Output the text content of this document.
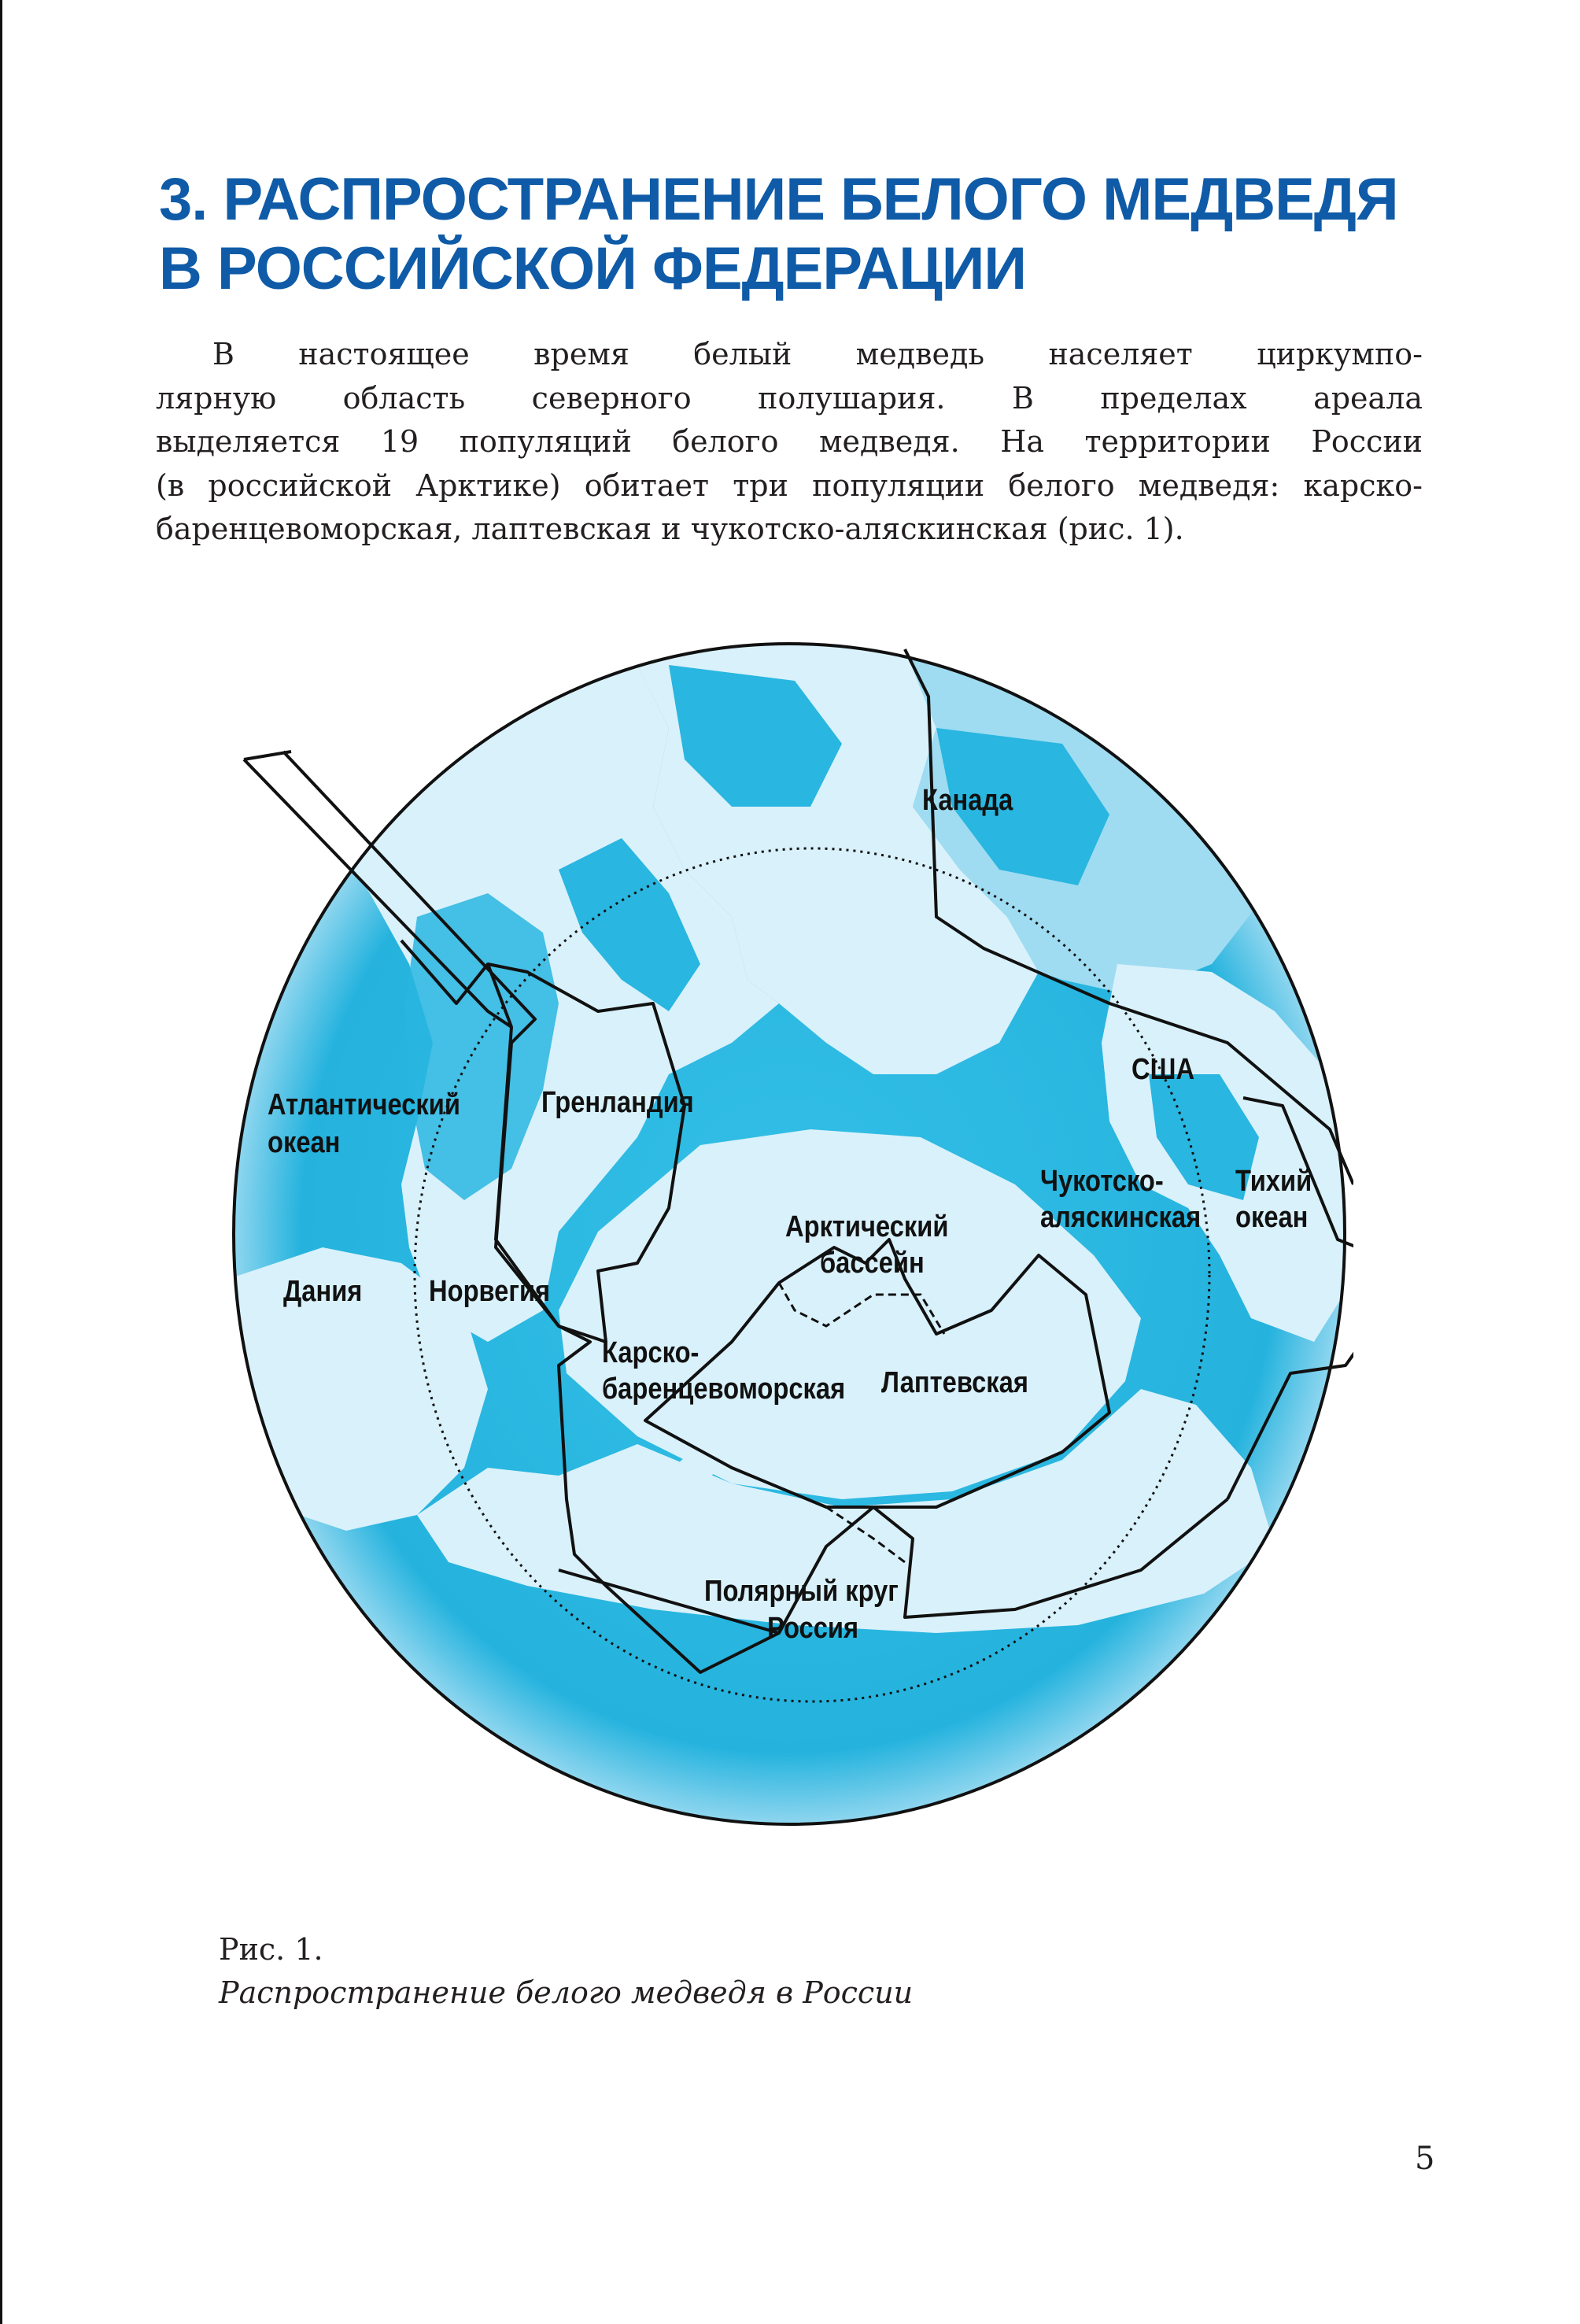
3. РАСПРОСТРАНЕНИЕ БЕЛОГО МЕДВЕДЯ
В РОССИЙСКОЙ ФЕДЕРАЦИИ
В настоящее время белый медведь населяет циркумпо-
лярную область северного полушария. В пределах ареала
выделяется 19 популяций белого медведя. На территории России
(в российской Арктике) обитает три популяции белого медведя: карско-
баренцевоморская, лаптевская и чукотско-аляскинская (рис. 1).
Канада
США
Атлантический
океан
Гренландия
Чукотско-
аляскинская
Тихий
океан
Арктический
бассейн
Дания Норвегия
Карско-
баренцевоморская Лаптевская
Полярный круг
Россия
Рис. 1.
Распространение белого медведя в России
5
